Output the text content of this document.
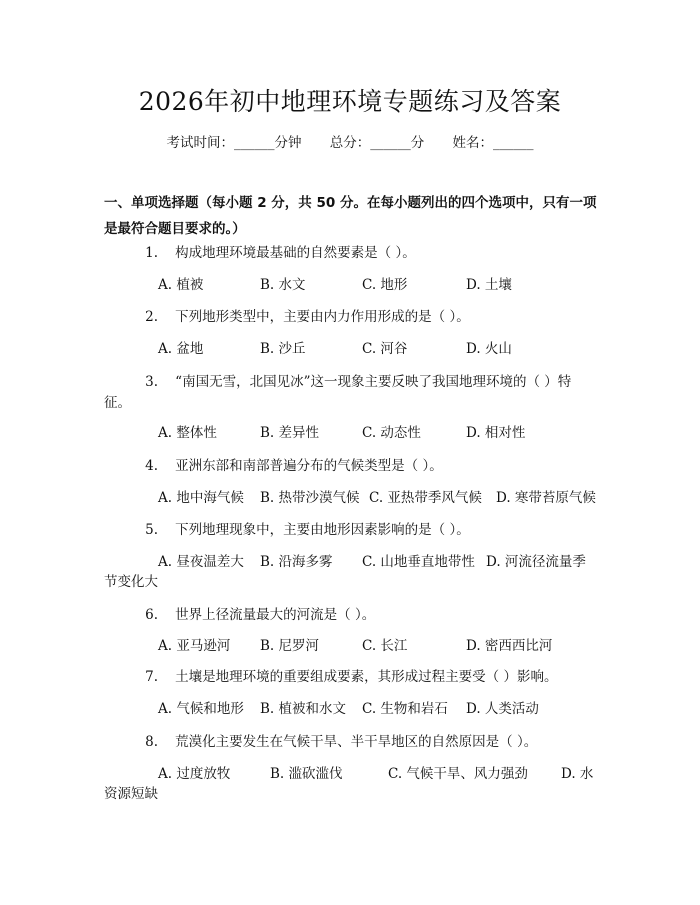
2026年初中地理环境专题练习及答案
考试时间：______分钟 总分：______分 姓名：______
一、单项选择题（每小题 2 分，共 50 分。在每小题列出的四个选项中，只有一项是最符合题目要求的。）
1. 构成地理环境最基础的自然要素是（ ）。
A. 植被	B. 水文	C. 地形	D. 土壤
2. 下列地形类型中，主要由内力作用形成的是（ ）。
A. 盆地	B. 沙丘	C. 河谷	D. 火山
3. “南国无雪，北国见冰”这一现象主要反映了我国地理环境的（ ）特
征。
A. 整体性	B. 差异性	C. 动态性	D. 相对性
4. 亚洲东部和南部普遍分布的气候类型是（ ）。
A. 地中海气候 B. 热带沙漠气候 C. 亚热带季风气候 D. 寒带苔原气候
5. 下列地理现象中，主要由地形因素影响的是（ ）。
A. 昼夜温差大 B. 沿海多雾 C. 山地垂直地带性 D. 河流径流量季
节变化大
6. 世界上径流量最大的河流是（ ）。
A. 亚马逊河 B. 尼罗河	C. 长江	D. 密西西比河
7. 土壤是地理环境的重要组成要素，其形成过程主要受（ ）影响。
A. 气候和地形 B. 植被和水文 C. 生物和岩石 D. 人类活动
8. 荒漠化主要发生在气候干旱、半干旱地区的自然原因是（ ）。
A. 过度放牧	B. 滥砍滥伐	C. 气候干旱、风力强劲 D. 水
资源短缺
